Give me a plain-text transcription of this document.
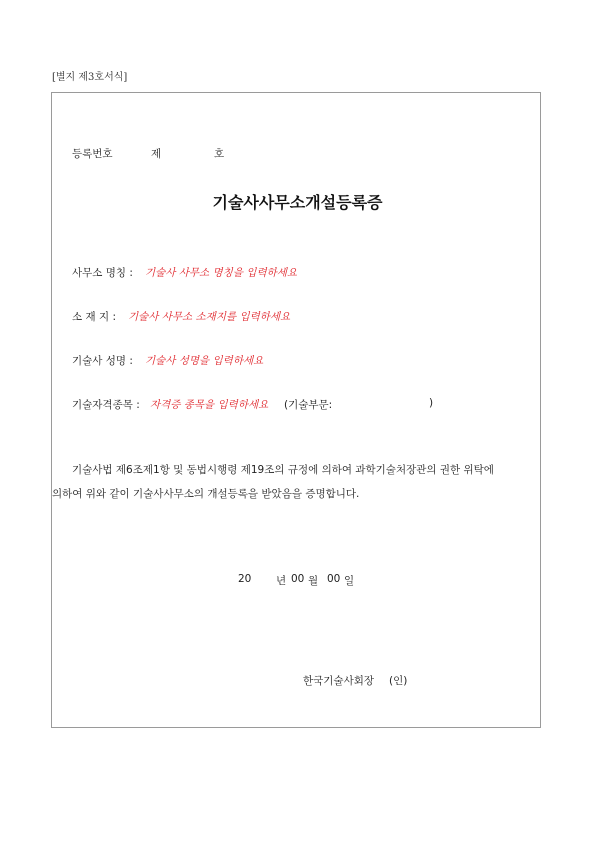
[별지 제3호서식]
등록번호	제	호
기술사사무소개설등록증
사무소 명칭 : 기술사 사무소 명칭을 입력하세요
소 재 지 : 기술사 사무소 소재지를 입력하세요
기술사 성명 : 기술사 성명을 입력하세요
기술자격종목 : 자격증 종목을 입력하세요 (기술부문:	)
기술사법 제6조제1항 및 동법시행령 제19조의 규정에 의하여 과학기술처장관의 권한 위탁에
의하여 위와 같이 기술사사무소의 개설등록을 받았음을 증명합니다.
20 년 00 월 00 일
한국기술사회장 (인)
